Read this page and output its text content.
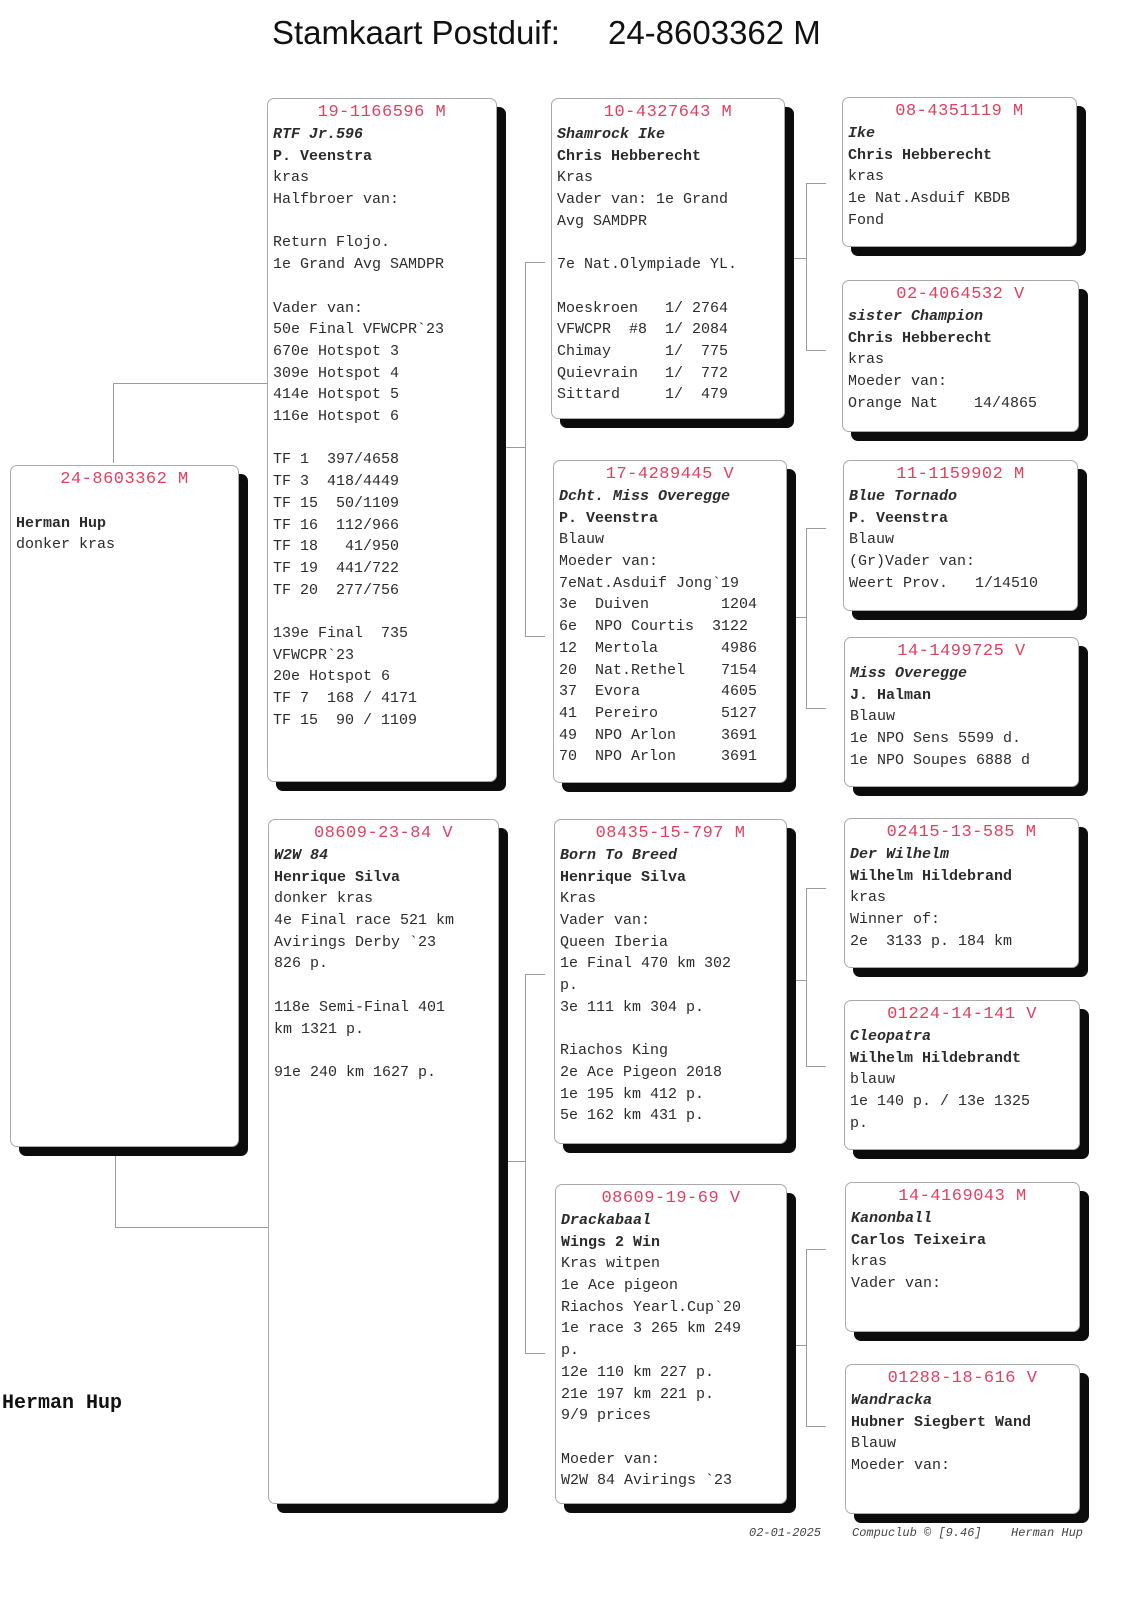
Stamkaart Postduif: 24-8603362 M
24-8603362 M
Herman Hup
donker kras
19-1166596 M
RTF Jr.596
P. Veenstra
kras
Halfbroer van:
Return Flojo.
1e Grand Avg SAMDPR
Vader van:
50e Final VFWCPR`23
670e Hotspot 3
309e Hotspot 4
414e Hotspot 5
116e Hotspot 6
TF 1  397/4658
TF 3  418/4449
TF 15  50/1109
TF 16  112/966
TF 18   41/950
TF 19  441/722
TF 20  277/756
139e Final  735
VFWCPR`23
20e Hotspot 6
TF 7  168 / 4171
TF 15  90 / 1109
08609-23-84 V
W2W 84
Henrique Silva
donker kras
4e Final race 521 km
Avirings Derby `23
826 p.
118e Semi-Final 401
km 1321 p.
91e 240 km 1627 p.
10-4327643 M
Shamrock Ike
Chris Hebberecht
Kras
Vader van: 1e Grand
Avg SAMDPR
7e Nat.Olympiade YL.
Moeskroen   1/ 2764
VFWCPR  #8  1/ 2084
Chimay      1/  775
Quievrain   1/  772
Sittard     1/  479
17-4289445 V
Dcht. Miss Overegge
P. Veenstra
Blauw
Moeder van:
7eNat.Asduif Jong`19
3e  Duiven        1204
6e  NPO Courtis  3122
12  Mertola       4986
20  Nat.Rethel    7154
37  Evora         4605
41  Pereiro       5127
49  NPO Arlon     3691
70  NPO Arlon     3691
08435-15-797 M
Born To Breed
Henrique Silva
Kras
Vader van:
Queen Iberia
1e Final 470 km 302
p.
3e 111 km 304 p.
Riachos King
2e Ace Pigeon 2018
1e 195 km 412 p.
5e 162 km 431 p.
08609-19-69 V
Drackabaal
Wings 2 Win
Kras witpen
1e Ace pigeon
Riachos Yearl.Cup`20
1e race 3 265 km 249
p.
12e 110 km 227 p.
21e 197 km 221 p.
9/9 prices
Moeder van:
W2W 84 Avirings `23
08-4351119 M
Ike
Chris Hebberecht
kras
1e Nat.Asduif KBDB
Fond
02-4064532 V
sister Champion
Chris Hebberecht
kras
Moeder van:
Orange Nat    14/4865
11-1159902 M
Blue Tornado
P. Veenstra
Blauw
(Gr)Vader van:
Weert Prov.   1/14510
14-1499725 V
Miss Overegge
J. Halman
Blauw
1e NPO Sens 5599 d.
1e NPO Soupes 6888 d
02415-13-585 M
Der Wilhelm
Wilhelm Hildebrand
kras
Winner of:
2e  3133 p. 184 km
01224-14-141 V
Cleopatra
Wilhelm Hildebrandt
blauw
1e 140 p. / 13e 1325
p.
14-4169043 M
Kanonball
Carlos Teixeira
kras
Vader van:
01288-18-616 V
Wandracka
Hubner Siegbert Wand
Blauw
Moeder van:
Herman Hup
02-01-2025	Compuclub © [9.46] Herman Hup
